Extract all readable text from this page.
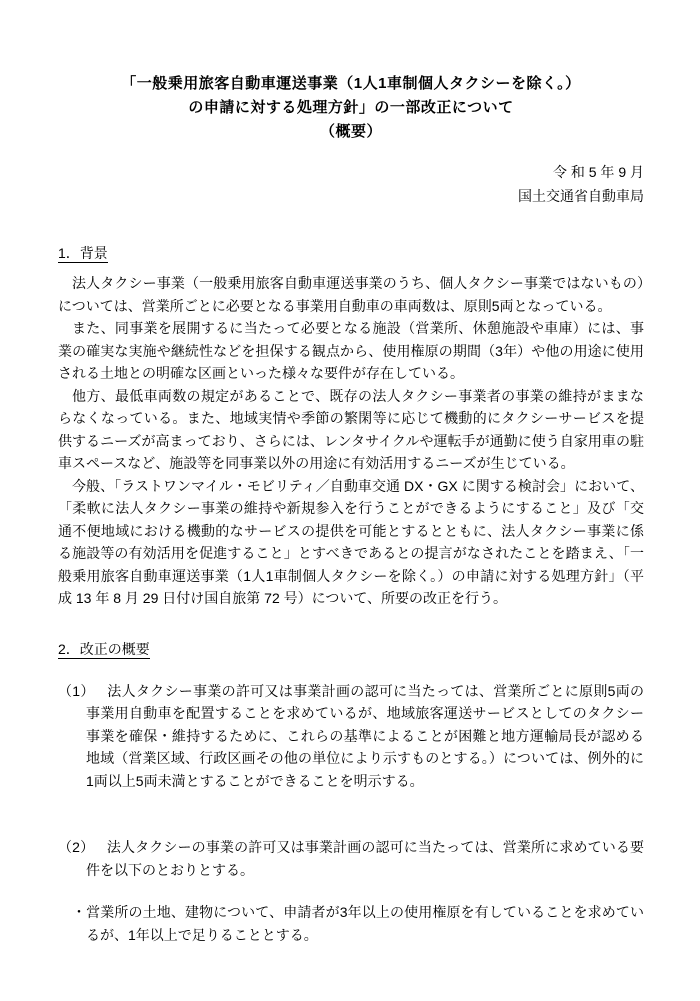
「一般乗用旅客自動車運送事業（1人1車制個人タクシーを除く。）
の申請に対する処理方針」の一部改正について
（概要）
令 和 5 年 9 月
国土交通省自動車局
1．背景

法人タクシー事業（一般乗用旅客自動車運送事業のうち、個人タクシー事業ではないもの）については、営業所ごとに必要となる事業用自動車の車両数は、原則5両となっている。

また、同事業を展開するに当たって必要となる施設（営業所、休憩施設や車庫）には、事業の確実な実施や継続性などを担保する観点から、使用権原の期間（3年）や他の用途に使用される土地との明確な区画といった様々な要件が存在している。

他方、最低車両数の規定があることで、既存の法人タクシー事業者の事業の維持がままならなくなっている。また、地域実情や季節の繁閑等に応じて機動的にタクシーサービスを提供するニーズが高まっており、さらには、レンタサイクルや運転手が通勤に使う自家用車の駐車スペースなど、施設等を同事業以外の用途に有効活用するニーズが生じている。

今般、「ラストワンマイル・モビリティ／自動車交通 DX・GX に関する検討会」において、「柔軟に法人タクシー事業の維持や新規参入を行うことができるようにすること」及び「交通不便地域における機動的なサービスの提供を可能とするとともに、法人タクシー事業に係る施設等の有効活用を促進すること」とすべきであるとの提言がなされたことを踏まえ、「一般乗用旅客自動車運送事業（1人1車制個人タクシーを除く。）の申請に対する処理方針」（平成 13 年 8 月 29 日付け国自旅第 72 号）について、所要の改正を行う。

2．改正の概要

（1） 法人タクシー事業の許可又は事業計画の認可に当たっては、営業所ごとに原則5両の事業用自動車を配置することを求めているが、地域旅客運送サービスとしてのタクシー事業を確保・維持するために、これらの基準によることが困難と地方運輸局長が認める地域（営業区域、行政区画その他の単位により示すものとする。）については、例外的に1両以上5両未満とすることができることを明示する。

（2） 法人タクシーの事業の許可又は事業計画の認可に当たっては、営業所に求めている要件を以下のとおりとする。

・営業所の土地、建物について、申請者が3年以上の使用権原を有していることを求めているが、1年以上で足りることとする。
